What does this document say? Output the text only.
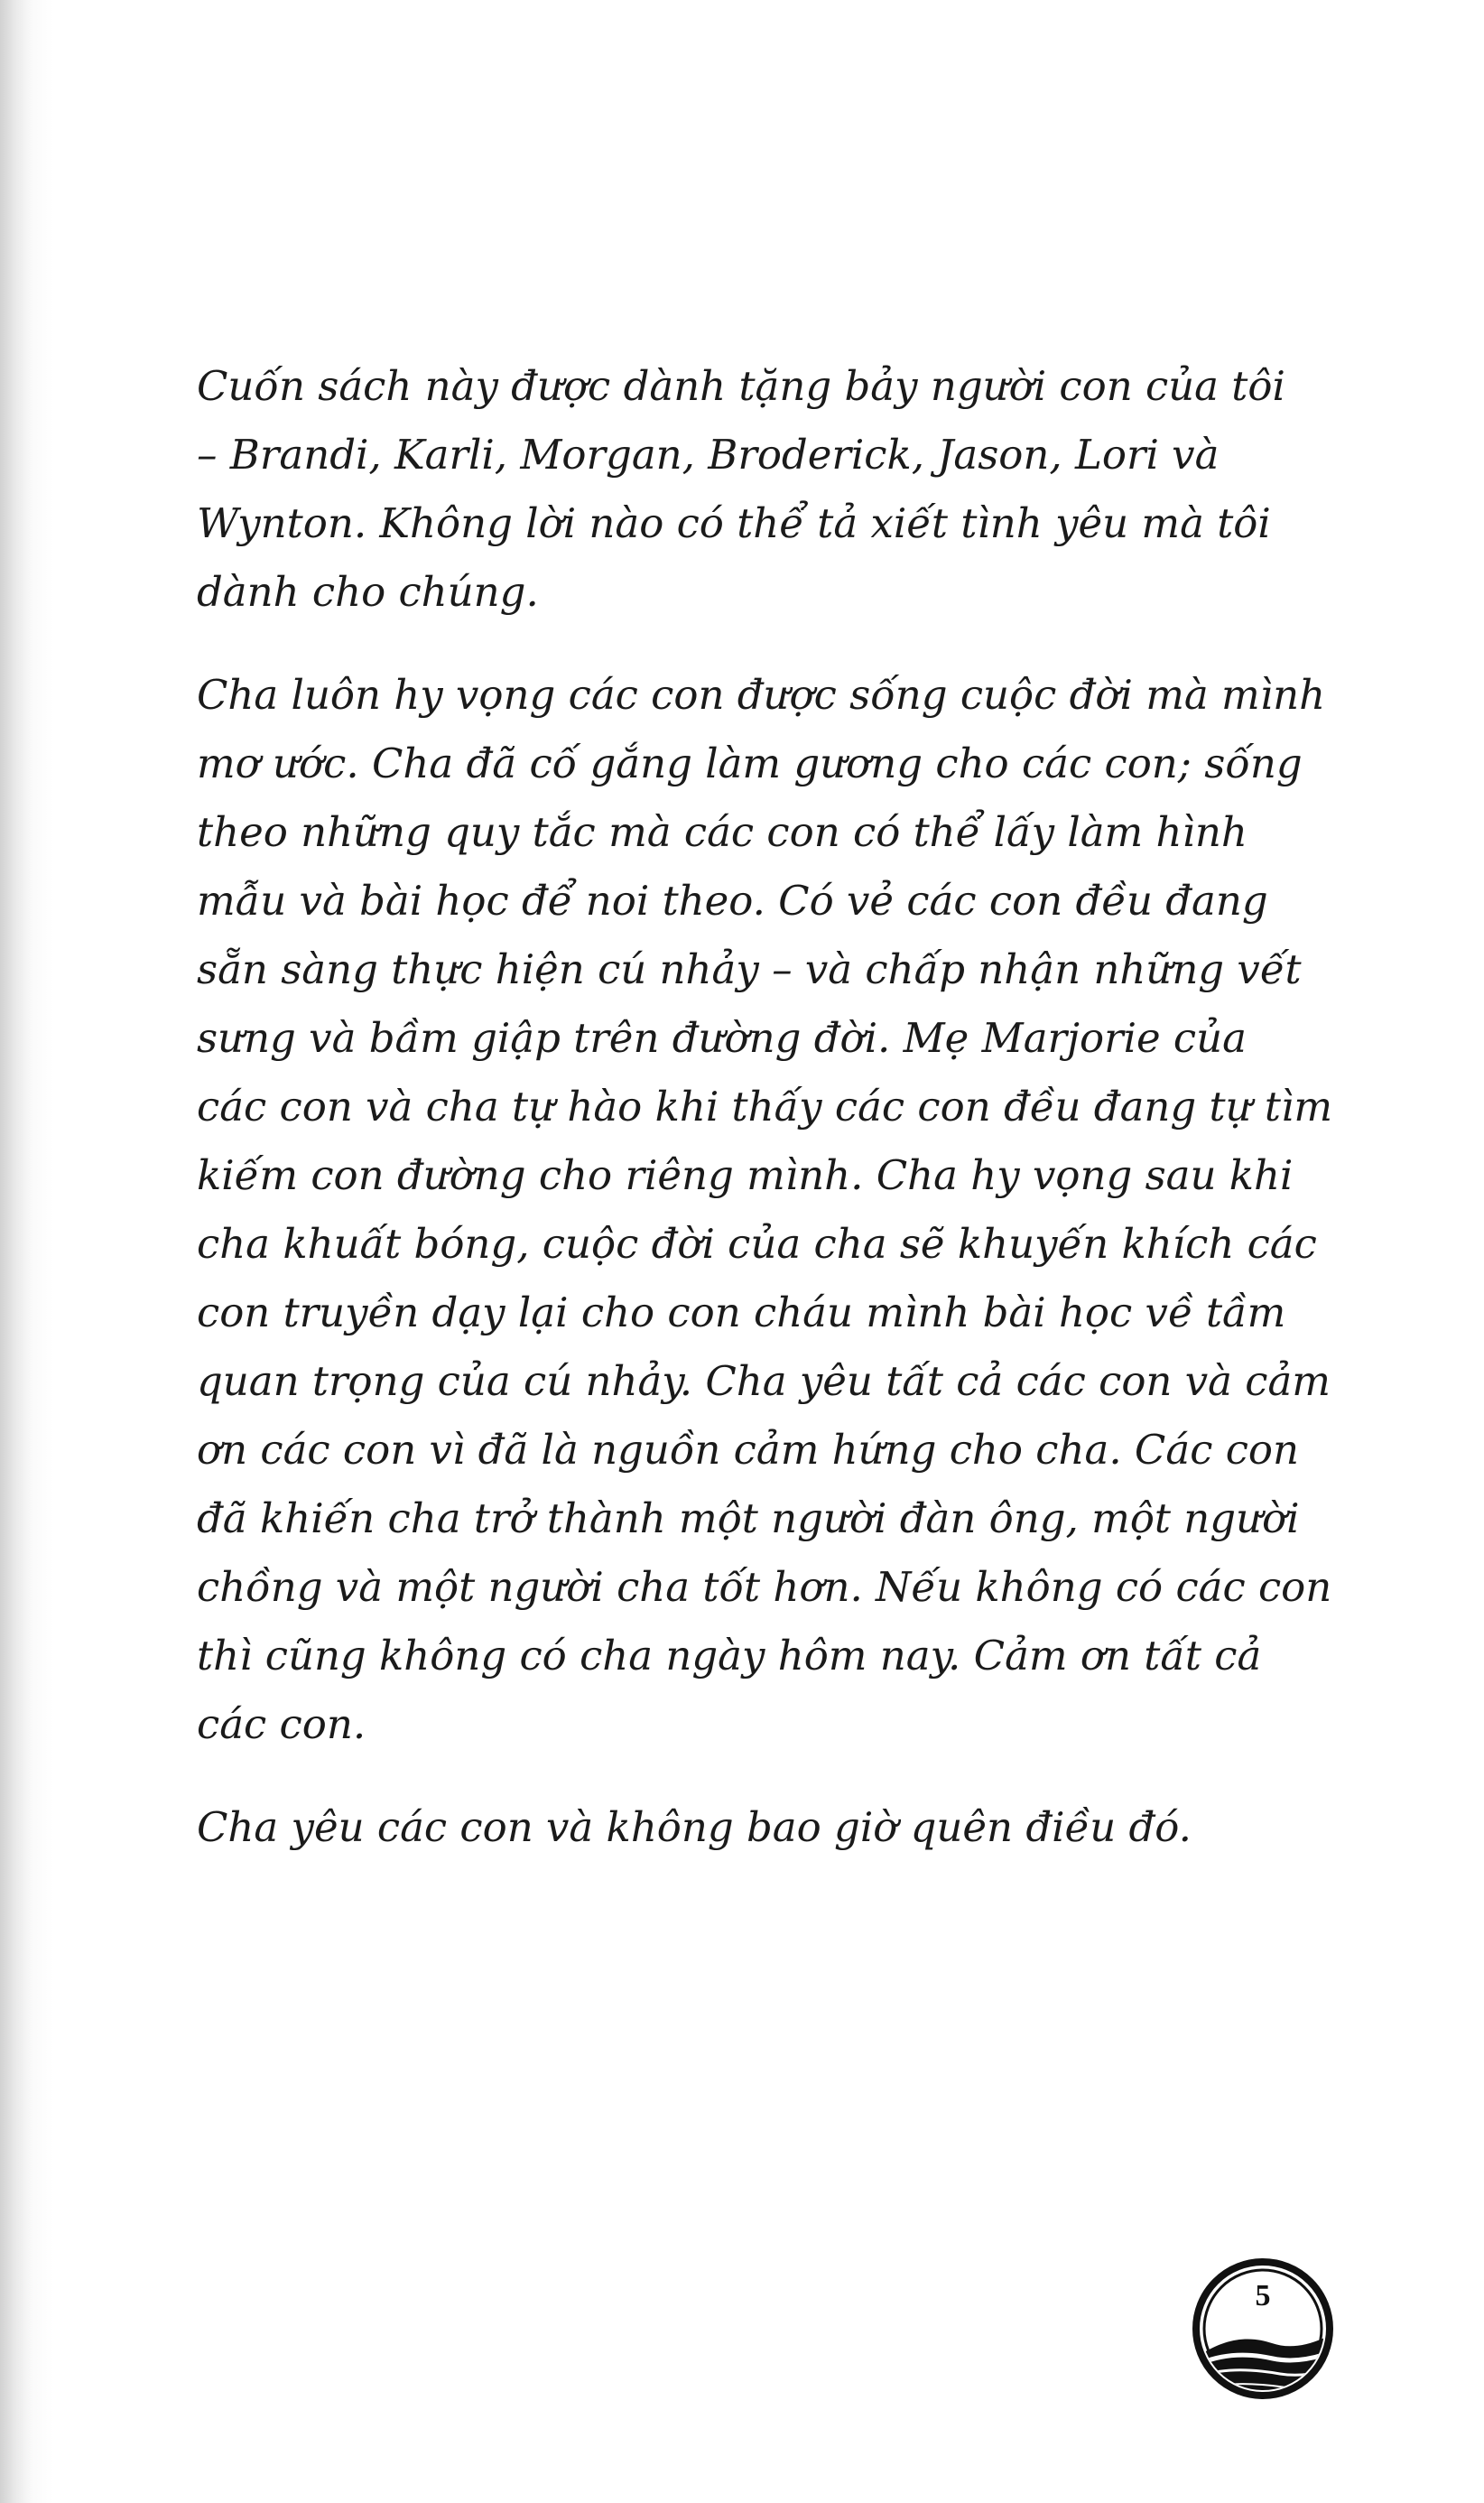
Cuốn sách này được dành tặng bảy người con của tôi
– Brandi, Karli, Morgan, Broderick, Jason, Lori và
Wynton. Không lời nào có thể tả xiết tình yêu mà tôi
dành cho chúng.

Cha luôn hy vọng các con được sống cuộc đời mà mình
mơ ước. Cha đã cố gắng làm gương cho các con; sống
theo những quy tắc mà các con có thể lấy làm hình
mẫu và bài học để noi theo. Có vẻ các con đều đang
sẵn sàng thực hiện cú nhảy – và chấp nhận những vết
sưng và bầm giập trên đường đời. Mẹ Marjorie của
các con và cha tự hào khi thấy các con đều đang tự tìm
kiếm con đường cho riêng mình. Cha hy vọng sau khi
cha khuất bóng, cuộc đời của cha sẽ khuyến khích các
con truyền dạy lại cho con cháu mình bài học về tầm
quan trọng của cú nhảy. Cha yêu tất cả các con và cảm
ơn các con vì đã là nguồn cảm hứng cho cha. Các con
đã khiến cha trở thành một người đàn ông, một người
chồng và một người cha tốt hơn. Nếu không có các con
thì cũng không có cha ngày hôm nay. Cảm ơn tất cả
các con.

Cha yêu các con và không bao giờ quên điều đó.

5
